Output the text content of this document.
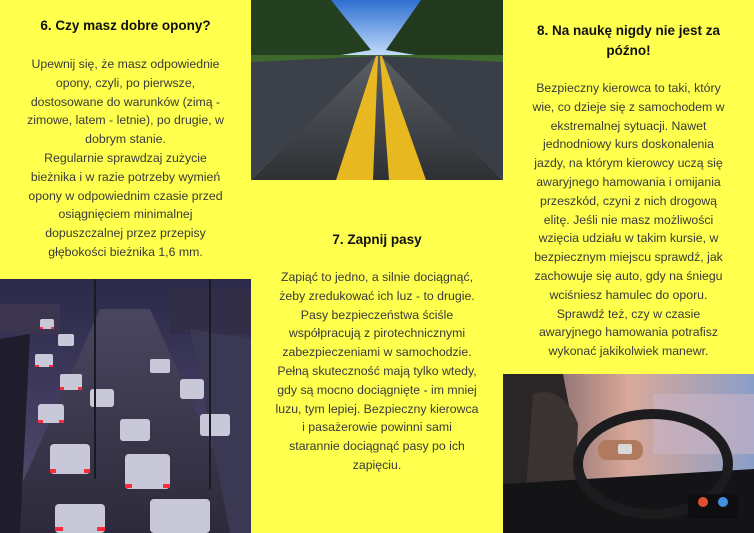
6. Czy masz dobre opony?

Upewnij się, że masz odpowiednie
opony, czyli, po pierwsze,
dostosowane do warunków (zimą -
zimowe, latem - letnie), po drugie, w
dobrym stanie.
Regularnie sprawdzaj zużycie
bieżnika i w razie potrzeby wymień
opony w odpowiednim czasie przed
osiągnięciem minimalnej
dopuszczalnej przez przepisy
głębokości bieżnika 1,6 mm.

7. Zapnij pasy

Zapiąć to jedno, a silnie dociągnąć,
żeby zredukować ich luz - to drugie.
Pasy bezpieczeństwa ściśle
współpracują z pirotechnicznymi
zabezpieczeniami w samochodzie.
Pełną skuteczność mają tylko wtedy,
gdy są mocno dociągnięte - im mniej
luzu, tym lepiej. Bezpieczny kierowca
i pasażerowie powinni sami
starannie dociągnąć pasy po ich
zapięciu.

8. Na naukę nigdy nie jest za
późno!

Bezpieczny kierowca to taki, który
wie, co dzieje się z samochodem w
ekstremalnej sytuacji. Nawet
jednodniowy kurs doskonalenia
jazdy, na którym kierowcy uczą się
awaryjnego hamowania i omijania
przeszkód, czyni z nich drogową
elitę. Jeśli nie masz możliwości
wzięcia udziału w takim kursie, w
bezpiecznym miejscu sprawdź, jak
zachowuje się auto, gdy na śniegu
wciśniesz hamulec do oporu.
Sprawdź też, czy w czasie
awaryjnego hamowania potrafisz
wykonać jakikolwiek manewr.
